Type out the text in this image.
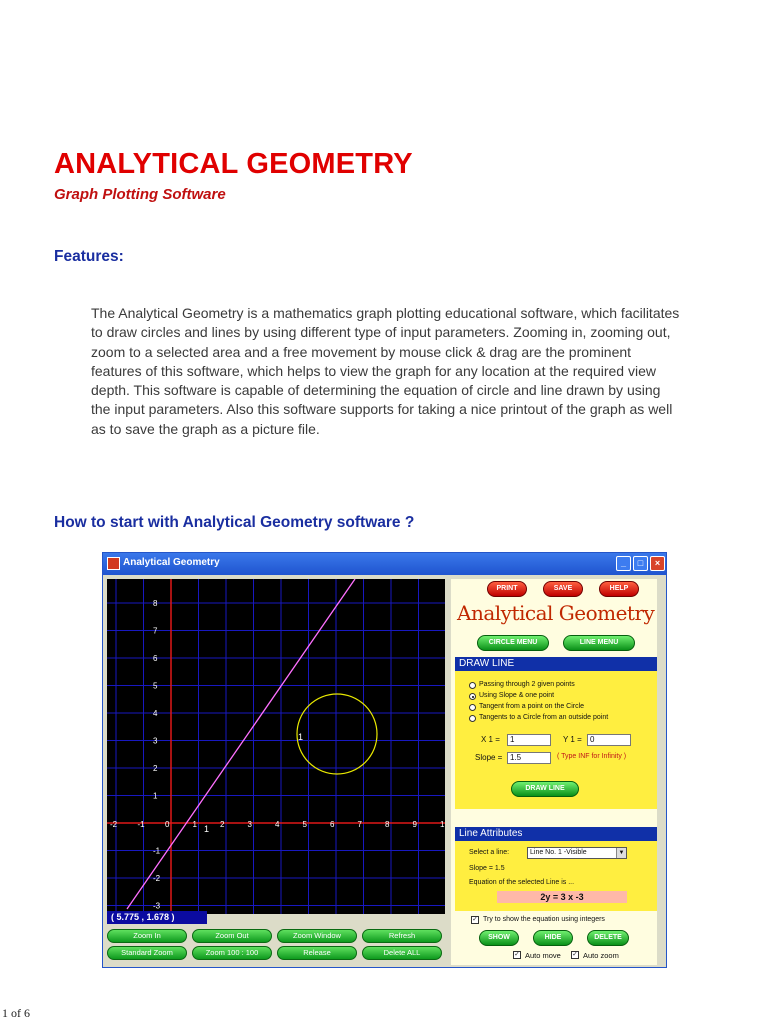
ANALYTICAL GEOMETRY
Graph Plotting Software
Features:
The Analytical Geometry is a mathematics graph plotting educational software, which facilitates to draw circles and lines by using different type of input parameters. Zooming in, zooming out, zoom to a selected area and a free movement by mouse click & drag are the prominent features of this software, which helps to view the graph for any location at the required view depth. This software is capable of determining the equation of circle and line drawn by using the input parameters. Also this software supports for taking a nice printout of the graph as well as to save the graph as a picture file.
How to start with Analytical Geometry software ?
Analytical Geometry	_	□	×
-2	-1	0	1	2	3	4	5	6	7	8	9	1
8
7
6
5
4
3
2
1
-1
-2
-3
1
1
( 5.775 , 1.678 )
Zoom In	Zoom Out	Zoom Window	Refresh
Standard Zoom	Zoom 100 : 100	Release	Delete ALL
PRINT	SAVE	HELP
Analytical Geometry
CIRCLE MENU	LINE MENU
DRAW LINE
Passing through 2 given points
Using Slope & one point
Tangent from a point on the Circle
Tangents to a Circle from an outside point
X 1 =	1	Y 1 =	0
Slope = 1.5	( Type INF for Infinity )
DRAW LINE
Line Attributes
Select a line:	Line No. 1 -Visible	▼
Slope = 1.5
Equation of the selected Line is ...
2y = 3 x -3
✓ Try to show the equation using integers
SHOW	HIDE	DELETE
✓ Auto move ✓ Auto zoom
1 of 6
